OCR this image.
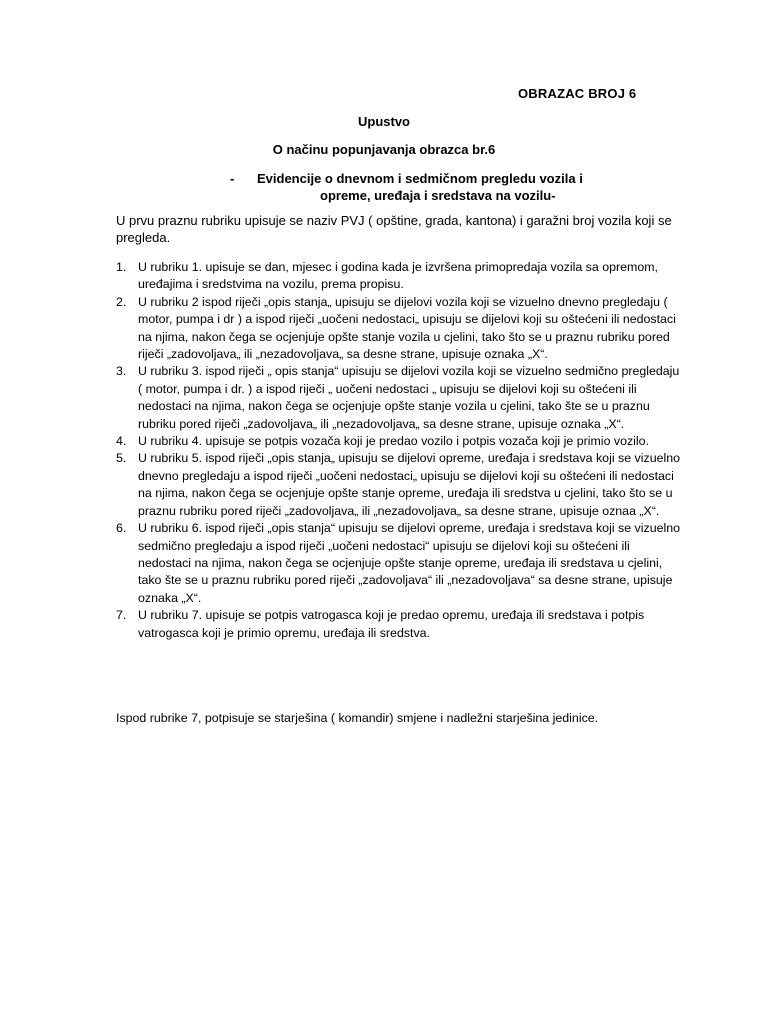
OBRAZAC BROJ 6
Upustvo
O načinu popunjavanja obrazca br.6
- Evidencije o dnevnom i sedmičnom pregledu vozila i
opreme, uređaja i sredstava na vozilu-
U prvu praznu rubriku upisuje se naziv PVJ ( opštine, grada, kantona) i garažni broj vozila koji se pregleda.
1. U rubriku 1. upisuje se dan, mjesec i godina kada je izvršena primopredaja vozila sa opremom, uređajima i sredstvima na vozilu, prema propisu.
2. U rubriku 2 ispod riječi „opis stanja„ upisuju se dijelovi vozila koji se vizuelno dnevno pregledaju ( motor, pumpa i dr ) a ispod riječi „uočeni nedostaci„ upisuju se dijelovi koji su oštećeni ili nedostaci na njima, nakon čega se ocjenjuje opšte stanje vozila u cjelini, tako što se u praznu rubriku pored riječi „zadovoljava„ ili „nezadovoljava„ sa desne strane, upisuje oznaka „X“.
3. U rubriku 3. ispod riječi „ opis stanja“ upisuju se dijelovi vozila koji se vizuelno sedmično pregledaju ( motor, pumpa i dr. ) a ispod riječi „ uočeni nedostaci „ upisuju se dijelovi koji su oštećeni ili nedostaci na njima, nakon čega se ocjenjuje opšte stanje vozila u cjelini, tako šte se u praznu rubriku pored riječi „zadovoljava„ ili „nezadovoljava„ sa desne strane, upisuje oznaka „X“.
4. U rubriku 4. upisuje se potpis vozača koji je predao vozilo i potpis vozača koji je primio vozilo.
5. U rubriku 5. ispod riječi „opis stanja„ upisuju se dijelovi opreme, uređaja i sredstava koji se vizuelno dnevno pregledaju a ispod riječi „uočeni nedostaci„ upisuju se dijelovi koji su oštećeni ili nedostaci na njima, nakon čega se ocjenjuje opšte stanje opreme, uređaja ili sredstva u cjelini, tako što se u praznu rubriku pored riječi „zadovoljava„ ili „nezadovoljava„ sa desne strane, upisuje oznaa „X“.
6. U rubriku 6. ispod riječi „opis stanja“ upisuju se dijelovi opreme, uređaja i sredstava koji se vizuelno sedmično pregledaju a ispod riječi „uočeni nedostaci“ upisuju se dijelovi koji su oštećeni ili nedostaci na njima, nakon čega se ocjenjuje opšte stanje opreme, uređaja ili sredstava u cjelini, tako šte se u praznu rubriku pored riječi „zadovoljava“ ili „nezadovoljava“ sa desne strane, upisuje oznaka „X“.
7. U rubriku 7. upisuje se potpis vatrogasca koji je predao opremu, uređaja ili sredstava i potpis vatrogasca koji je primio opremu, uređaja ili sredstva.
Ispod rubrike 7, potpisuje se starješina ( komandir) smjene i nadležni starješina jedinice.
